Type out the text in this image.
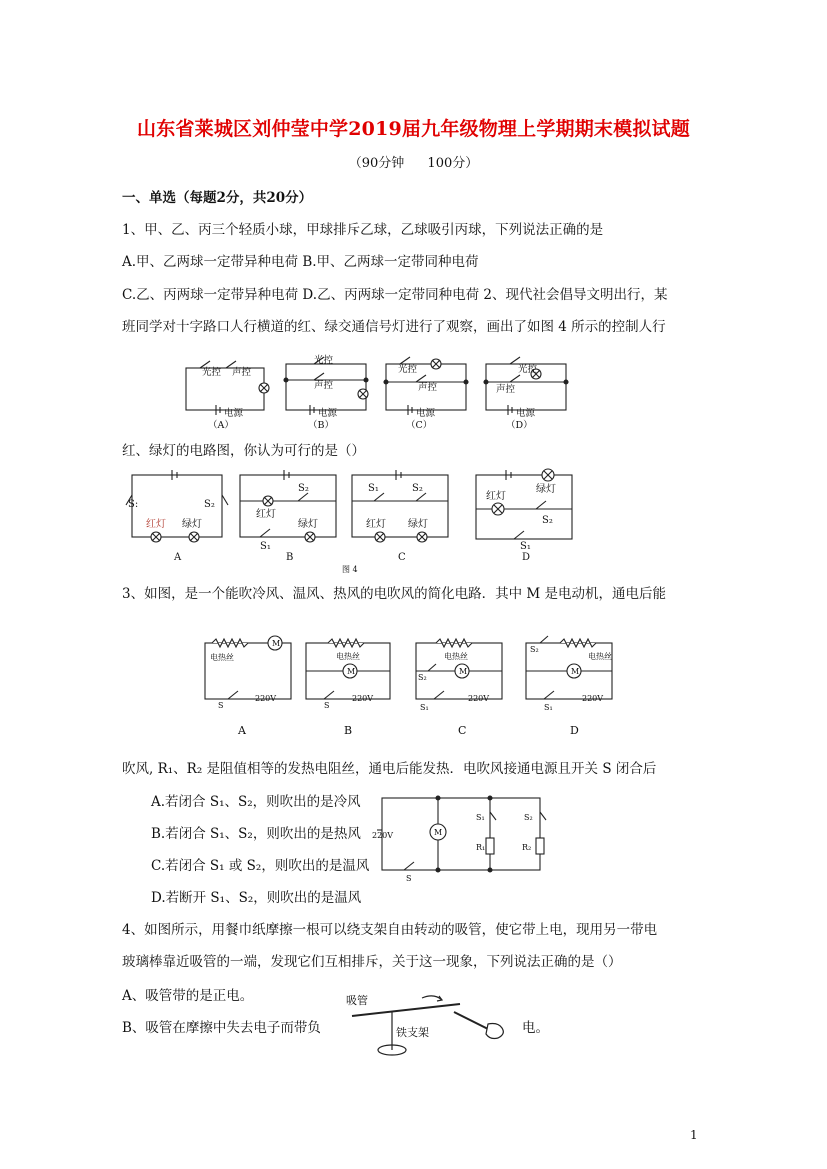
山东省莱城区刘仲莹中学2019届九年级物理上学期期末模拟试题
（90分钟　 100分）
一、单选（每题2分，共20分）
1、甲、乙、丙三个轻质小球，甲球排斥乙球，乙球吸引丙球，下列说法正确的是
A.甲、乙两球一定带异种电荷 B.甲、乙两球一定带同种电荷
C.乙、丙两球一定带异种电荷 D.乙、丙两球一定带同种电荷 2、现代社会倡导文明出行，某
班同学对十字路口人行横道的红、绿交通信号灯进行了观察，画出了如图 4 所示的控制人行
光控 声控
电源
光控
声控
电源
光控
声控
电源
光控
声控
电源
（A）	（B）	（C）	（D）
红、绿灯的电路图，你认为可行的是（）
S:	S₂
红灯 绿灯
S₂
红灯
绿灯
S₁
S₁	S₂
红灯 绿灯
绿灯
红灯
S₂
S₁
A	B	C	D
图 4
3、如图，是一个能吹冷风、温风、热风的电吹风的简化电路．其中 M 是电动机，通电后能
M
电热丝
S
220V
M
电热丝
S
220V
M
电热丝
S₂
S₁
220V
M
电热丝
S₂
S₁
220V
A	B	C	D
吹风, R₁、R₂ 是阻值相等的发热电阻丝，通电后能发热．电吹风接通电源且开关 S 闭合后
A.若闭合 S₁、S₂，则吹出的是冷风
B.若闭合 S₁、S₂，则吹出的是热风
C.若闭合 S₁ 或 S₂，则吹出的是温风
D.若断开 S₁、S₂，则吹出的是温风
220V	M
S₁
R₁
S₂
R₂
S
4、如图所示，用餐巾纸摩擦一根可以绕支架自由转动的吸管，使它带上电，现用另一带电
玻璃棒靠近吸管的一端，发现它们互相排斥，关于这一现象，下列说法正确的是（）
A、吸管带的是正电。
B、吸管在摩擦中失去电子而带负	电。
吸管
铁支架
1
